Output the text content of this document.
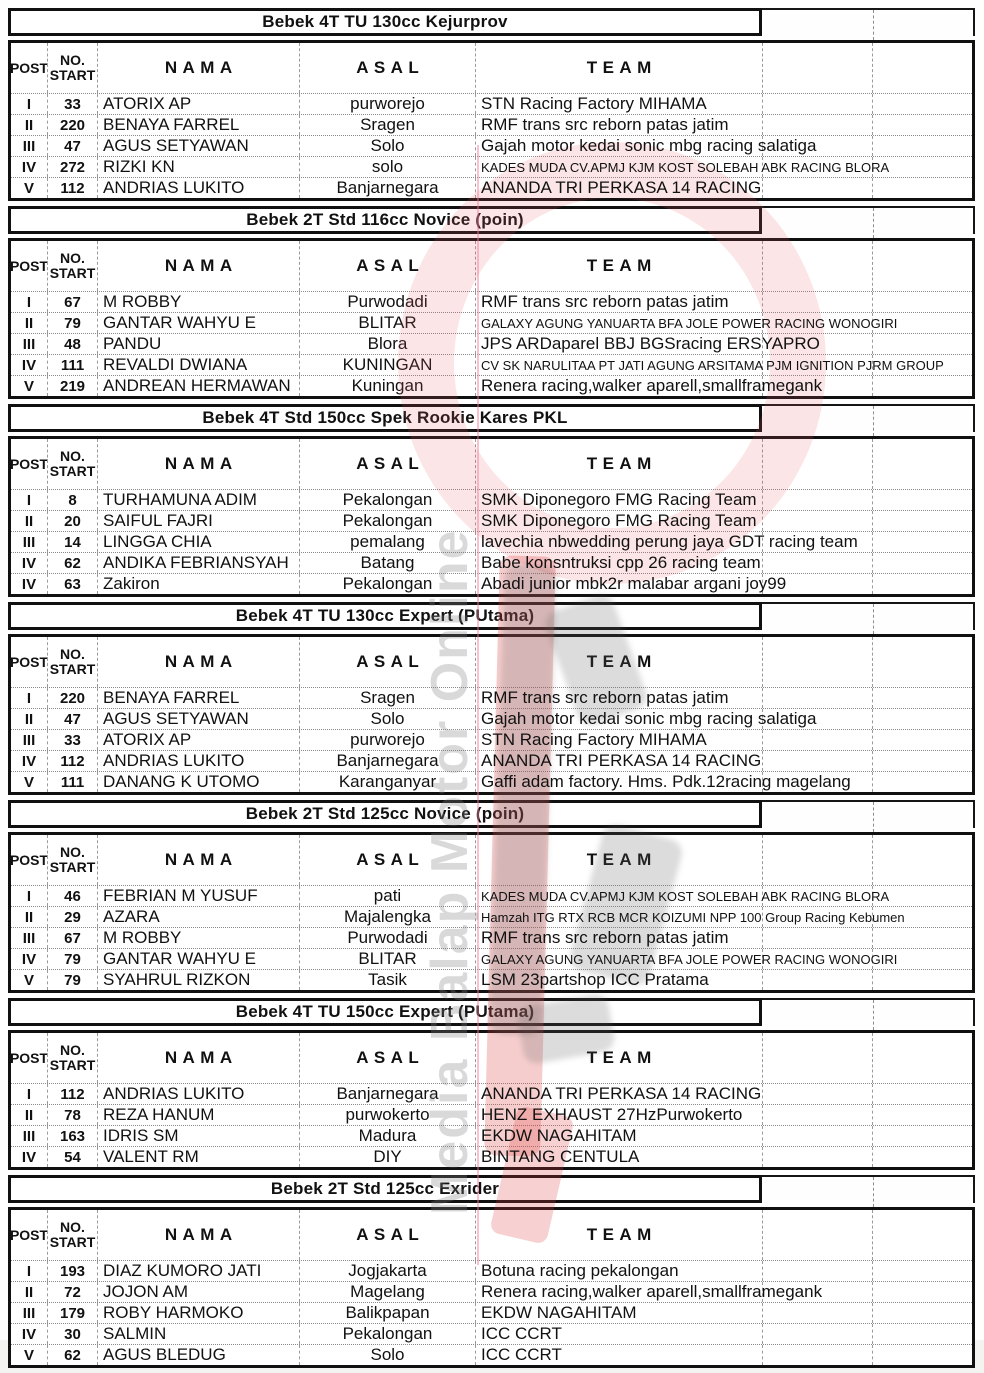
Bebek 4T TU 130cc Kejurprov
POST NO.
START	NAMA	ASAL	TEAM
I	33	ATORIX AP	purworejo	STN Racing Factory MIHAMA
II	220	BENAYA FARREL	Sragen	RMF trans src reborn patas jatim
III	47	AGUS SETYAWAN	Solo	Gajah motor kedai sonic mbg racing salatiga
IV	272	RIZKI KN	solo	KADES MUDA CV.APMJ KJM KOST SOLEBAH ABK RACING BLORA
V	112	ANDRIAS LUKITO	Banjarnegara	ANANDA TRI PERKASA 14 RACING
Bebek 2T Std 116cc Novice (poin)
POST NO.
START	NAMA	ASAL	TEAM
I	67	M ROBBY	Purwodadi	RMF trans src reborn patas jatim
II	79	GANTAR WAHYU E	BLITAR	GALAXY AGUNG YANUARTA BFA JOLE POWER RACING WONOGIRI
III	48	PANDU	Blora	JPS ARDaparel BBJ BGSracing ERSYAPRO
IV	111	REVALDI DWIANA	KUNINGAN	CV SK NARULITAA PT JATI AGUNG ARSITAMA PJM IGNITION PJRM GROUP
V	219	ANDREAN HERMAWAN	Kuningan	Renera racing,walker aparell,smallframegank
Bebek 4T Std 150cc Spek Rookie Kares PKL
POST NO.
START	NAMA	ASAL	TEAM
I	8	TURHAMUNA ADIM	Pekalongan	SMK Diponegoro FMG Racing Team
II	20	SAIFUL FAJRI	Pekalongan	SMK Diponegoro FMG Racing Team
III	14	LINGGA CHIA	pemalang	lavechia nbwedding perung jaya GDT racing team
IV	62	ANDIKA FEBRIANSYAH	Batang	Babe konsntruksi cpp 26 racing team
IV	63	Zakiron	Pekalongan	Abadi junior mbk2r malabar argani joy99
Bebek 4T TU 130cc Expert (PUtama)
POST NO.
START	NAMA	ASAL	TEAM
I	220	BENAYA FARREL	Sragen	RMF trans src reborn patas jatim
II	47	AGUS SETYAWAN	Solo	Gajah motor kedai sonic mbg racing salatiga
III	33	ATORIX AP	purworejo	STN Racing Factory MIHAMA
IV	112	ANDRIAS LUKITO	Banjarnegara	ANANDA TRI PERKASA 14 RACING
V	111	DANANG K UTOMO	Karanganyar	Gaffi adam factory. Hms. Pdk.12racing magelang
Bebek 2T Std 125cc Novice (poin)
POST NO.
START	NAMA	ASAL	TEAM
I	46	FEBRIAN M YUSUF	pati	KADES MUDA CV.APMJ KJM KOST SOLEBAH ABK RACING BLORA
II	29	AZARA	Majalengka	Hamzah ITG RTX RCB MCR KOIZUMI NPP 100 Group Racing Kebumen
III	67	M ROBBY	Purwodadi	RMF trans src reborn patas jatim
IV	79	GANTAR WAHYU E	BLITAR	GALAXY AGUNG YANUARTA BFA JOLE POWER RACING WONOGIRI
V	79	SYAHRUL RIZKON	Tasik	LSM 23partshop ICC Pratama
Bebek 4T TU 150cc Expert (PUtama)
POST NO.
START	NAMA	ASAL	TEAM
I	112	ANDRIAS LUKITO	Banjarnegara	ANANDA TRI PERKASA 14 RACING
II	78	REZA HANUM	purwokerto	HENZ EXHAUST 27HzPurwokerto
III	163	IDRIS SM	Madura	EKDW NAGAHITAM
IV	54	VALENT RM	DIY	BINTANG CENTULA
Bebek 2T Std 125cc Exrider
POST NO.
START	NAMA	ASAL	TEAM
I	193	DIAZ KUMORO JATI	Jogjakarta	Botuna racing pekalongan
II	72	JOJON AM	Magelang	Renera racing,walker aparell,smallframegank
III	179	ROBY HARMOKO	Balikpapan	EKDW NAGAHITAM
IV	30	SALMIN	Pekalongan	ICC CCRT
V	62	AGUS BLEDUG	Solo	ICC CCRT
Media Balap Motor Online
